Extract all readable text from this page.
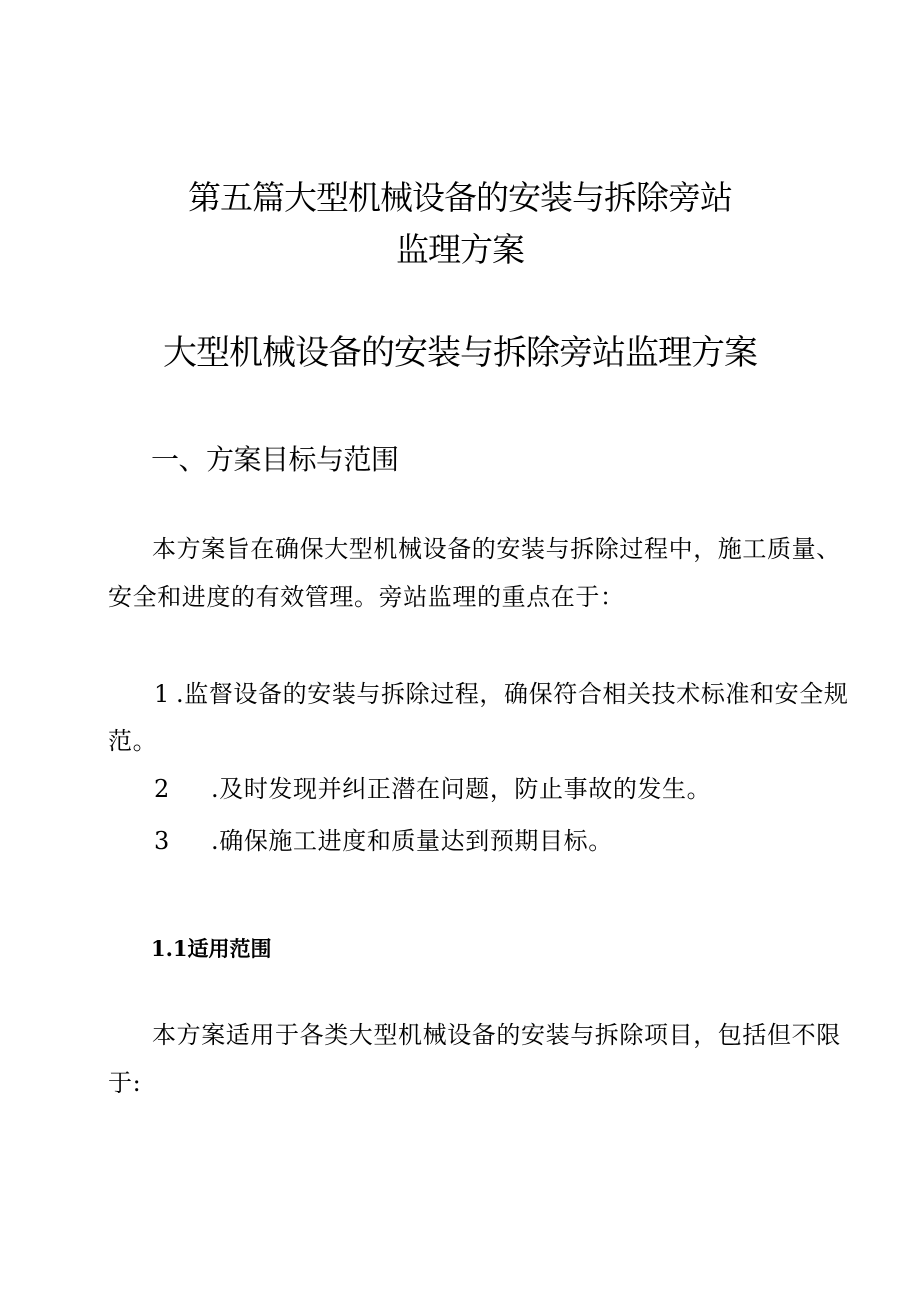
第五篇大型机械设备的安装与拆除旁站
监理方案
大型机械设备的安装与拆除旁站监理方案
一、方案目标与范围
本方案旨在确保大型机械设备的安装与拆除过程中，施工质量、
安全和进度的有效管理。旁站监理的重点在于：
1 .监督设备的安装与拆除过程，确保符合相关技术标准和安全规
范。
2 .及时发现并纠正潜在问题，防止事故的发生。
3 .确保施工进度和质量达到预期目标。
1.1适用范围
本方案适用于各类大型机械设备的安装与拆除项目，包括但不限
于:
